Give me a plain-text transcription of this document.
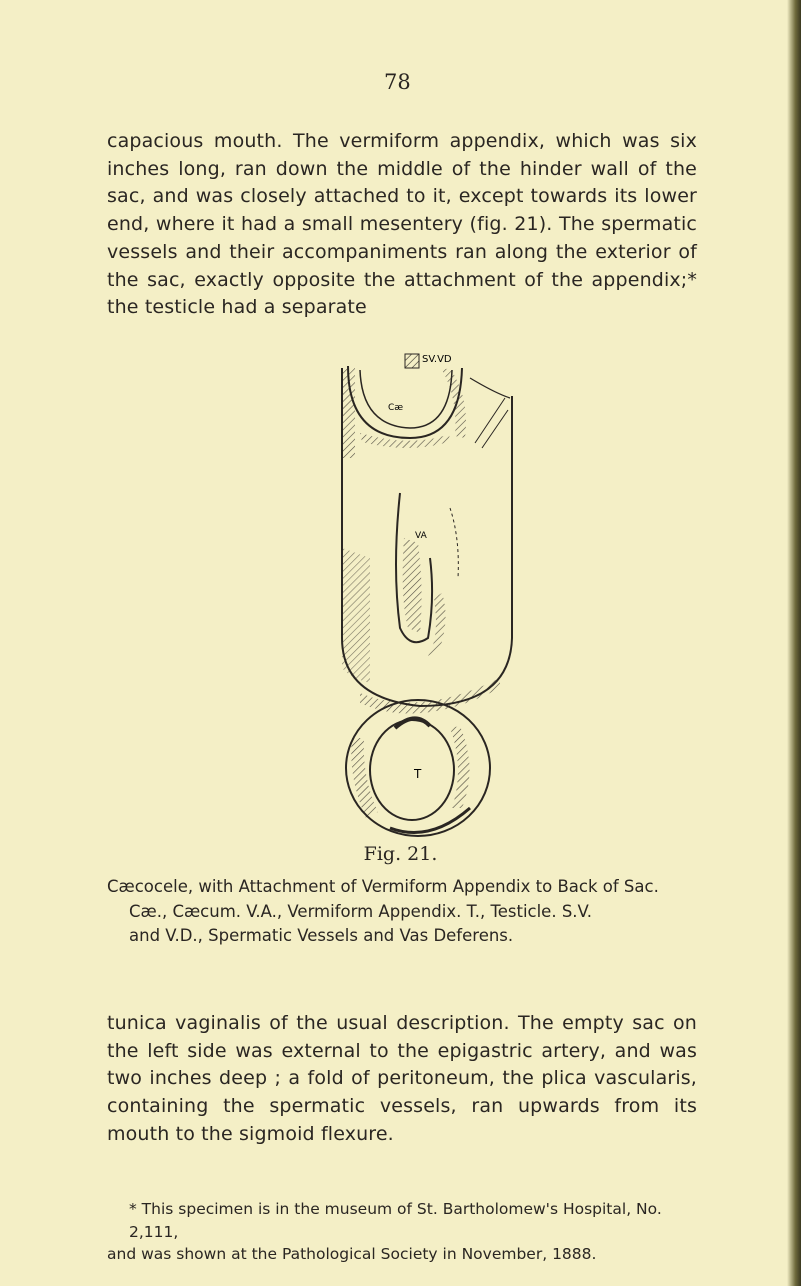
78

capacious mouth. The vermiform appendix, which was six inches long, ran down the middle of the hinder wall of the sac, and was closely attached to it, except towards its lower end, where it had a small mesentery (fig. 21). The spermatic vessels and their accompaniments ran along the exterior of the sac, exactly opposite the attachment of the appendix;* the testicle had a separate

SV.VD
Cæ
VA
T
Fig. 21.

Cæcocele, with Attachment of Vermiform Appendix to Back of Sac.
Cæ., Cæcum. V.A., Vermiform Appendix. T., Testicle. S.V.
and V.D., Spermatic Vessels and Vas Deferens.

tunica vaginalis of the usual description. The empty sac on the left side was external to the epigastric artery, and was two inches deep ; a fold of peritoneum, the plica vascularis, containing the spermatic vessels, ran upwards from its mouth to the sigmoid flexure.

* This specimen is in the museum of St. Bartholomew's Hospital, No. 2,111,
and was shown at the Pathological Society in November, 1888.
